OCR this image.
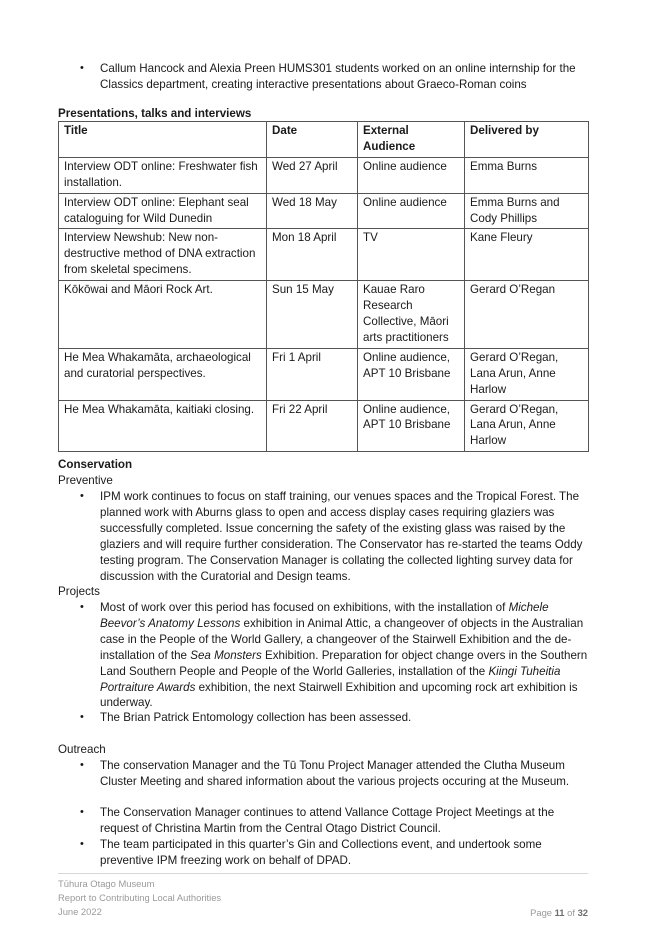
•	Callum Hancock and Alexia Preen HUMS301 students worked on an online internship for the Classics department, creating interactive presentations about Graeco-Roman coins
Presentations, talks and interviews
Title	Date	External Audience	Delivered by
Interview ODT online: Freshwater fish installation.	Wed 27 April	Online audience	Emma Burns
Interview ODT online: Elephant seal cataloguing for Wild Dunedin	Wed 18 May	Online audience	Emma Burns and Cody Phillips
Interview Newshub: New non-destructive method of DNA extraction from skeletal specimens.	Mon 18 April	TV	Kane Fleury
Kōkōwai and Māori Rock Art.	Sun 15 May	Kauae Raro Research Collective, Māori arts practitioners	Gerard O’Regan
He Mea Whakamāta, archaeological and curatorial perspectives.	Fri 1 April	Online audience, APT 10 Brisbane	Gerard O’Regan, Lana Arun, Anne Harlow
He Mea Whakamāta, kaitiaki closing.	Fri 22 April	Online audience, APT 10 Brisbane	Gerard O’Regan, Lana Arun, Anne Harlow
Conservation
Preventive
•	IPM work continues to focus on staff training, our venues spaces and the Tropical Forest. The planned work with Aburns glass to open and access display cases requiring glaziers was successfully completed. Issue concerning the safety of the existing glass was raised by the glaziers and will require further consideration. The Conservator has re-started the teams Oddy testing program. The Conservation Manager is collating the collected lighting survey data for discussion with the Curatorial and Design teams.
Projects
•	Most of work over this period has focused on exhibitions, with the installation of Michele Beevor’s Anatomy Lessons exhibition in Animal Attic, a changeover of objects in the Australian case in the People of the World Gallery, a changeover of the Stairwell Exhibition and the de-installation of the Sea Monsters Exhibition. Preparation for object change overs in the Southern Land Southern People and People of the World Galleries, installation of the Kiingi Tuheitia Portraiture Awards exhibition, the next Stairwell Exhibition and upcoming rock art exhibition is underway.
•	The Brian Patrick Entomology collection has been assessed.
Outreach
•	The conservation Manager and the Tū Tonu Project Manager attended the Clutha Museum Cluster Meeting and shared information about the various projects occuring at the Museum.
•	The Conservation Manager continues to attend Vallance Cottage Project Meetings at the request of Christina Martin from the Central Otago District Council.
•	The team participated in this quarter’s Gin and Collections event, and undertook some preventive IPM freezing work on behalf of DPAD.
Tūhura Otago Museum
Report to Contributing Local Authorities
June 2022	Page 11 of 32
